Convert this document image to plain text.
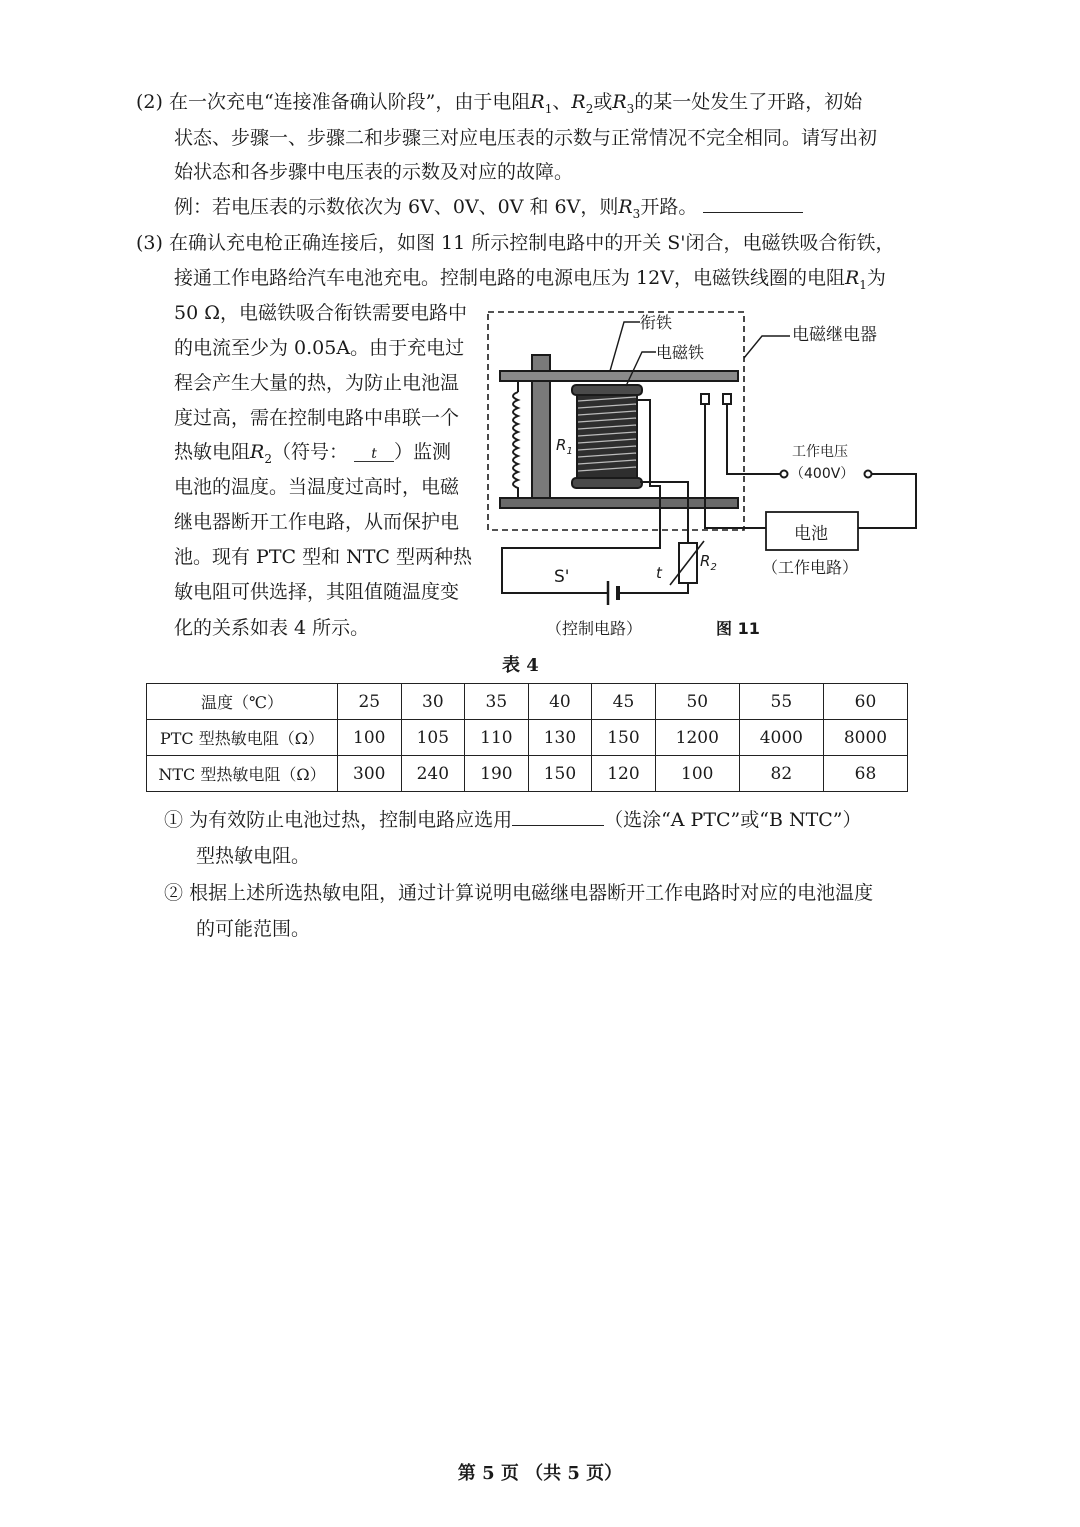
(2) 在一次充电“连接准备确认阶段”，由于电阻$R_1$、$R_2$或$R_3$的某一处发生了开路，初始
状态、步骤一、步骤二和步骤三对应电压表的示数与正常情况不完全相同。请写出初
始状态和各步骤中电压表的示数及对应的故障。
例：若电压表的示数依次为 6V、0V、0V 和 6V，则$R_3$开路。
(3) 在确认充电枪正确连接后，如图 11 所示控制电路中的开关 S'闭合，电磁铁吸合衔铁，
接通工作电路给汽车电池充电。控制电路的电源电压为 12V，电磁铁线圈的电阻$R_1$为
50 Ω，电磁铁吸合衔铁需要电路中
的电流至少为 0.05A。由于充电过
程会产生大量的热，为防止电池温
度过高，需在控制电路中串联一个
热敏电阻$R_2$（符号： t ）监测
电池的温度。当温度过高时，电磁
继电器断开工作电路，从而保护电
池。现有 PTC 型和 NTC 型两种热
敏电阻可供选择，其阻值随温度变
化的关系如表 4 所示。
衔铁
电磁铁
电磁继电器
$R_1$	工作电压
（400V）
电池
（工作电路）
S'	t
$R_2$
（控制电路）	图 11
表 4
温度（℃）	25	30	35	40	45	50	55	60
PTC 型热敏电阻（Ω）	100	105	110	130	150	1200	4000	8000
NTC 型热敏电阻（Ω）	300	240	190	150	120	100	82	68
① 为有效防止电池过热，控制电路应选用	（选涂“A PTC”或“B NTC”）
型热敏电阻。
② 根据上述所选热敏电阻，通过计算说明电磁继电器断开工作电路时对应的电池温度
的可能范围。
第 5 页 （共 5 页）
